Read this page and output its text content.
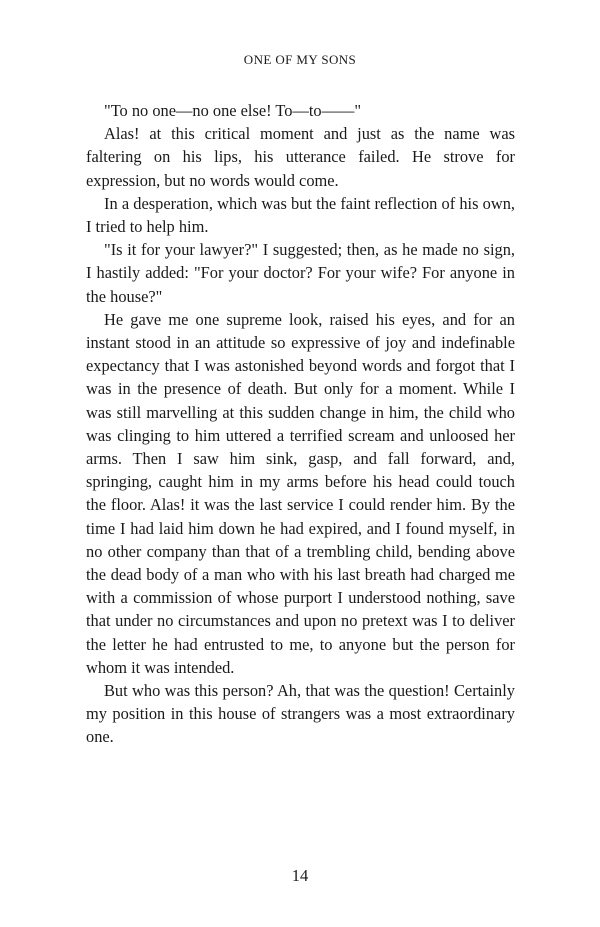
ONE OF MY SONS

"To no one—no one else! To—to——"

Alas! at this critical moment and just as the name was faltering on his lips, his utterance failed. He strove for expression, but no words would come.

In a desperation, which was but the faint reflection of his own, I tried to help him.

"Is it for your lawyer?" I suggested; then, as he made no sign, I hastily added: "For your doctor? For your wife? For anyone in the house?"

He gave me one supreme look, raised his eyes, and for an instant stood in an attitude so expressive of joy and indefinable expectancy that I was astonished beyond words and forgot that I was in the presence of death. But only for a moment. While I was still marvelling at this sudden change in him, the child who was clinging to him uttered a terrified scream and unloosed her arms. Then I saw him sink, gasp, and fall forward, and, springing, caught him in my arms before his head could touch the floor. Alas! it was the last service I could render him. By the time I had laid him down he had expired, and I found myself, in no other company than that of a trembling child, bending above the dead body of a man who with his last breath had charged me with a commission of whose purport I understood nothing, save that under no circumstances and upon no pretext was I to deliver the letter he had entrusted to me, to anyone but the person for whom it was intended.

But who was this person? Ah, that was the question! Certainly my position in this house of strangers was a most extraordinary one.

14
